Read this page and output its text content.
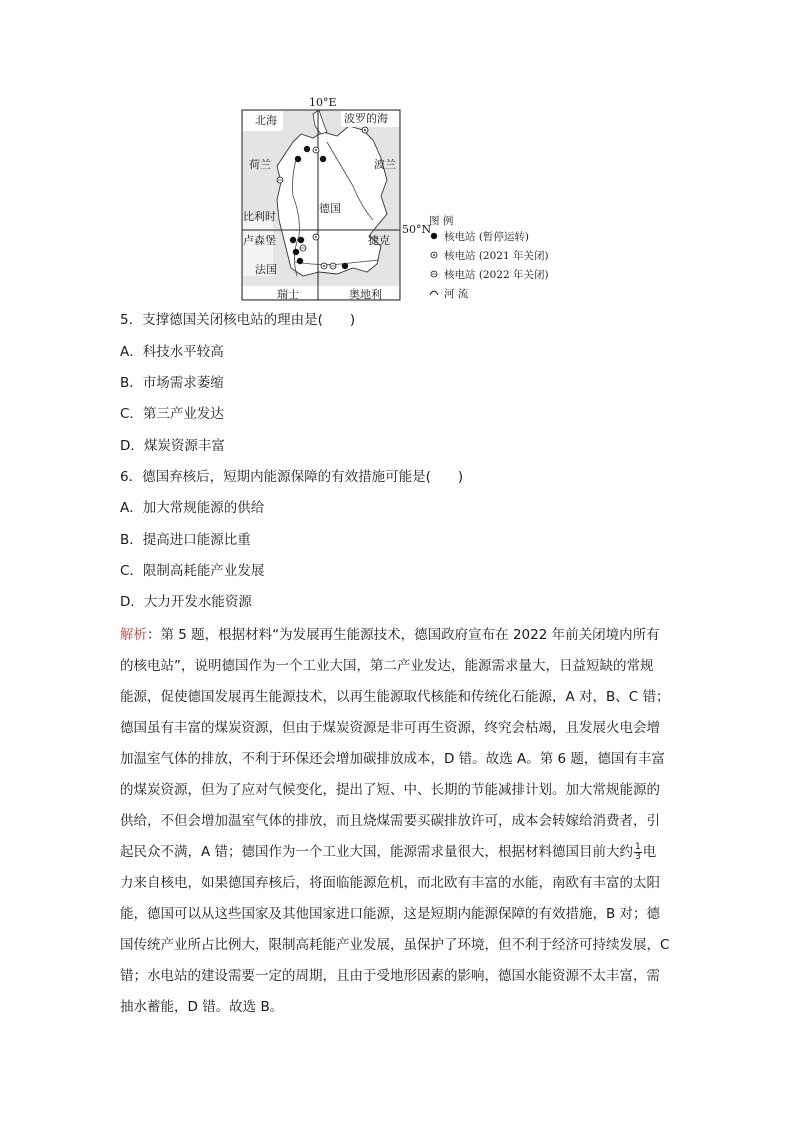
10°E
北海	波罗的海
荷兰	波兰
德国
比利时
卢森堡	捷克
法国
瑞士	奥地利
50°N
图 例
核电站 (暂停运转)
核电站 (2021 年关闭)
核电站 (2022 年关闭)
河 流
5．支撑德国关闭核电站的理由是(　　)
A．科技水平较高
B．市场需求萎缩
C．第三产业发达
D．煤炭资源丰富
6．德国弃核后，短期内能源保障的有效措施可能是(　　)
A．加大常规能源的供给
B．提高进口能源比重
C．限制高耗能产业发展
D．大力开发水能资源
解析：第 5 题，根据材料“为发展再生能源技术，德国政府宣布在 2022 年前关闭境内所有
的核电站”，说明德国作为一个工业大国，第二产业发达，能源需求量大，日益短缺的常规
能源，促使德国发展再生能源技术，以再生能源取代核能和传统化石能源，A 对，B、C 错；
德国虽有丰富的煤炭资源，但由于煤炭资源是非可再生资源，终究会枯竭，且发展火电会增
加温室气体的排放，不利于环保还会增加碳排放成本，D 错。故选 A。第 6 题，德国有丰富
的煤炭资源，但为了应对气候变化，提出了短、中、长期的节能减排计划。加大常规能源的
供给，不但会增加温室气体的排放，而且烧煤需要买碳排放许可，成本会转嫁给消费者，引
起民众不满，A 错；德国作为一个工业大国，能源需求量很大，根据材料德国目前大约 $\frac{1}{3}$ 电
力来自核电，如果德国弃核后，将面临能源危机，而北欧有丰富的水能，南欧有丰富的太阳
能，德国可以从这些国家及其他国家进口能源，这是短期内能源保障的有效措施，B 对；德
国传统产业所占比例大，限制高耗能产业发展，虽保护了环境，但不利于经济可持续发展，C
错；水电站的建设需要一定的周期，且由于受地形因素的影响，德国水能资源不太丰富，需
抽水蓄能，D 错。故选 B。
